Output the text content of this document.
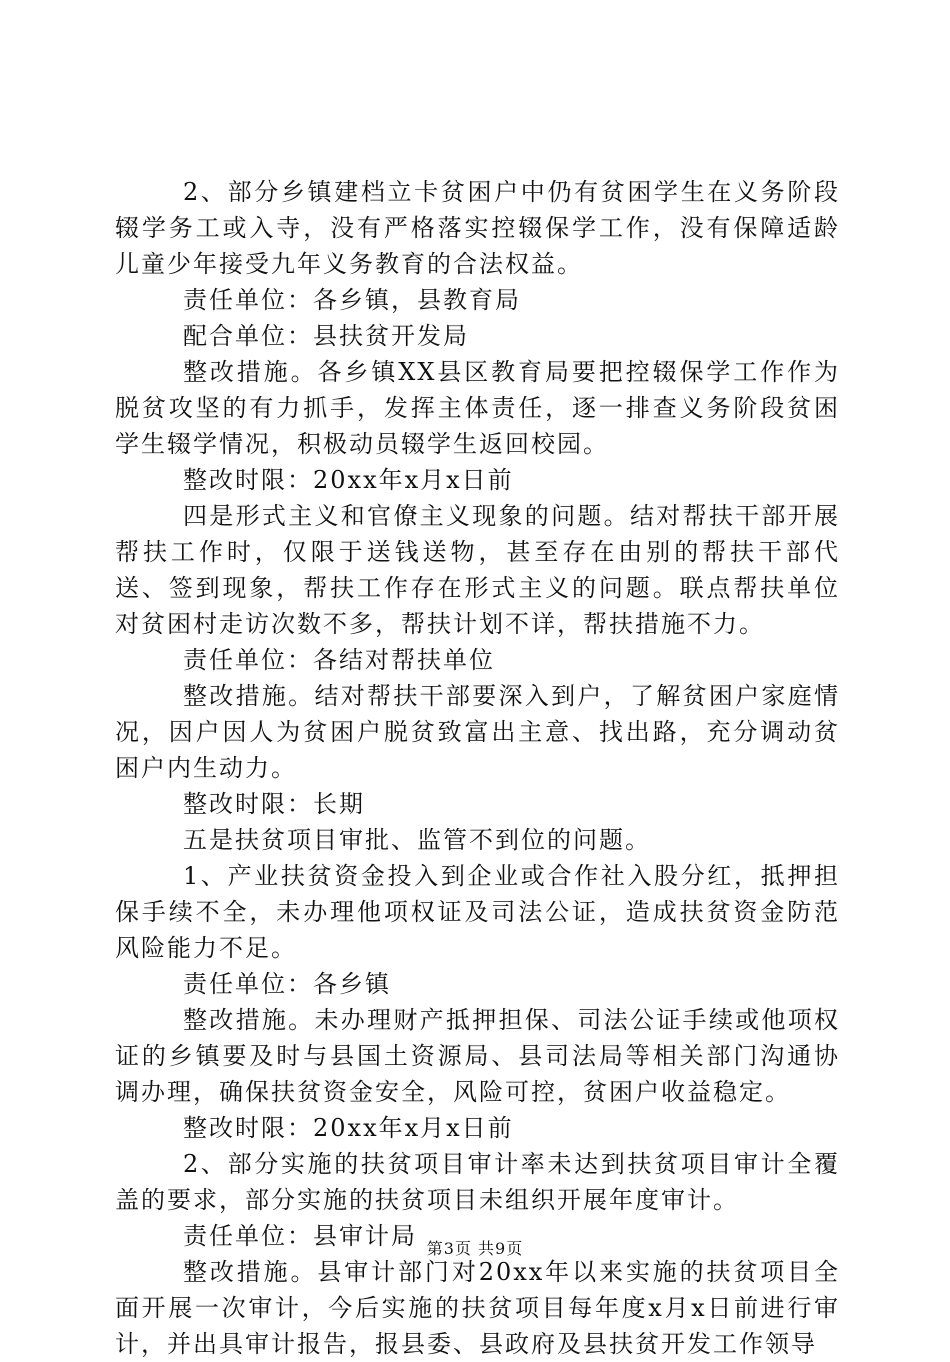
2、部分乡镇建档立卡贫困户中仍有贫困学生在义务阶段辍学务工或入寺，没有严格落实控辍保学工作，没有保障适龄儿童少年接受九年义务教育的合法权益。

责任单位：各乡镇，县教育局

配合单位：县扶贫开发局

整改措施。各乡镇XX县区教育局要把控辍保学工作作为脱贫攻坚的有力抓手，发挥主体责任，逐一排查义务阶段贫困学生辍学情况，积极动员辍学生返回校园。

整改时限：20xx年x月x日前

四是形式主义和官僚主义现象的问题。结对帮扶干部开展帮扶工作时，仅限于送钱送物，甚至存在由别的帮扶干部代送、签到现象，帮扶工作存在形式主义的问题。联点帮扶单位对贫困村走访次数不多，帮扶计划不详，帮扶措施不力。

责任单位：各结对帮扶单位

整改措施。结对帮扶干部要深入到户，了解贫困户家庭情况，因户因人为贫困户脱贫致富出主意、找出路，充分调动贫困户内生动力。

整改时限：长期

五是扶贫项目审批、监管不到位的问题。

1、产业扶贫资金投入到企业或合作社入股分红，抵押担保手续不全，未办理他项权证及司法公证，造成扶贫资金防范风险能力不足。

责任单位：各乡镇

整改措施。未办理财产抵押担保、司法公证手续或他项权证的乡镇要及时与县国土资源局、县司法局等相关部门沟通协调办理，确保扶贫资金安全，风险可控，贫困户收益稳定。

整改时限：20xx年x月x日前

2、部分实施的扶贫项目审计率未达到扶贫项目审计全覆盖的要求，部分实施的扶贫项目未组织开展年度审计。

责任单位：县审计局

整改措施。县审计部门对20xx年以来实施的扶贫项目全面开展一次审计，今后实施的扶贫项目每年度x月x日前进行审计，并出具审计报告，报县委、县政府及县扶贫开发工作领导

第3页 共9页
